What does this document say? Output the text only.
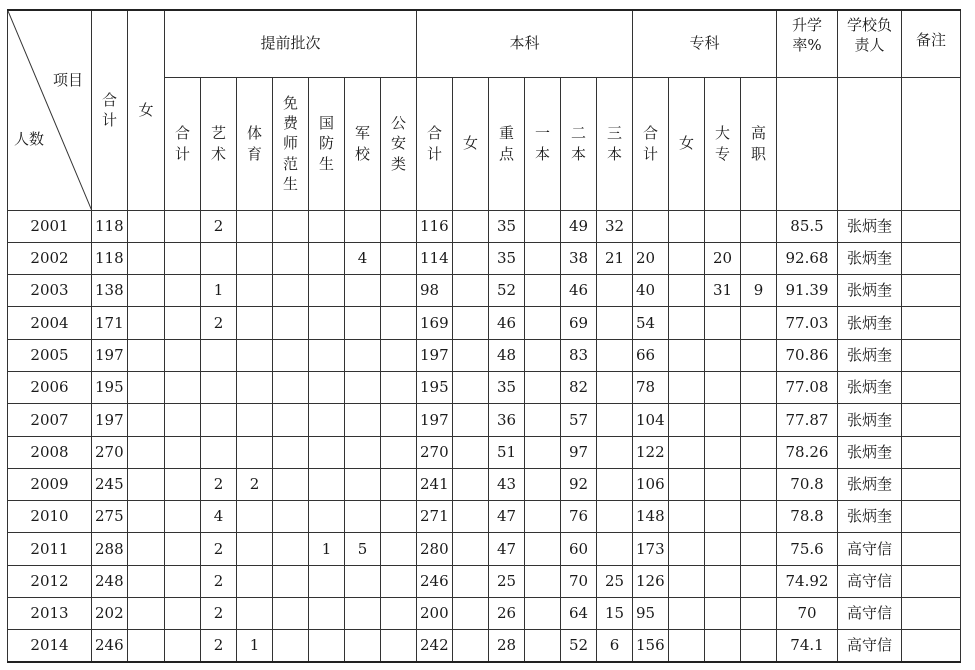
项目
人数	合计	女	提前批次							本科						专科				升学率%	学校负责人	备注
			合计	艺术	体育	免费师范生	国防生	军校	公安类	合计	女	重点	一本	二本	三本	合计	女	大专	高职			
2001	118			2						116		35		49	32					85.5	张炳奎	
2002	118							4		114		35		38	21	20		20		92.68	张炳奎	
2003	138			1						98		52		46		40		31	9	91.39	张炳奎	
2004	171			2						169		46		69		54				77.03	张炳奎	
2005	197									197		48		83		66				70.86	张炳奎	
2006	195									195		35		82		78				77.08	张炳奎	
2007	197									197		36		57		104				77.87	张炳奎	
2008	270									270		51		97		122				78.26	张炳奎	
2009	245			2	2					241		43		92		106				70.8	张炳奎	
2010	275			4						271		47		76		148				78.8	张炳奎	
2011	288			2			1	5		280		47		60		173				75.6	高守信	
2012	248			2						246		25		70	25	126				74.92	高守信	
2013	202			2						200		26		64	15	95				70	高守信	
2014	246			2	1					242		28		52	6	156				74.1	高守信	
